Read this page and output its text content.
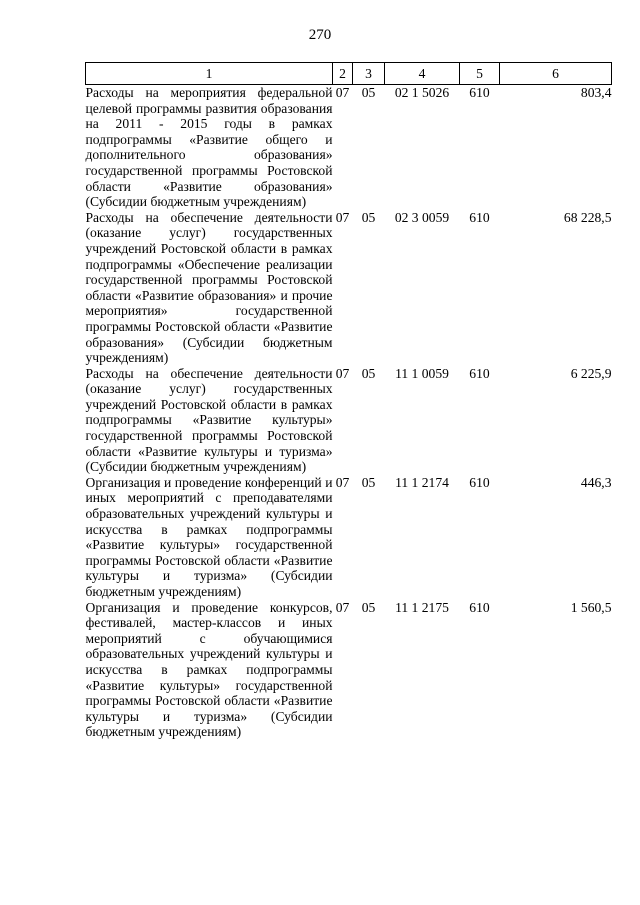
270
1	2	3	4	5	6
Расходы на мероприятия федеральной целевой программы развития образования на 2011 - 2015 годы в рамках подпрограммы «Развитие общего и дополнительного образования» государственной программы Ростовской области «Развитие образования» (Субсидии бюджетным учреждениям)	07	05	02 1 5026	610	803,4
Расходы на обеспечение деятельности (оказание услуг) государственных учреждений Ростовской области в рамках подпрограммы «Обеспечение реализации государственной программы Ростовской области «Развитие образования» и прочие мероприятия» государственной программы Ростовской области «Развитие образования» (Субсидии бюджетным учреждениям)	07	05	02 3 0059	610	68 228,5
Расходы на обеспечение деятельности (оказание услуг) государственных учреждений Ростовской области в рамках подпрограммы «Развитие культуры» государственной программы Ростовской области «Развитие культуры и туризма» (Субсидии бюджетным учреждениям)	07	05	11 1 0059	610	6 225,9
Организация и проведение конференций и иных мероприятий с преподавателями образовательных учреждений культуры и искусства в рамках подпрограммы «Развитие культуры» государственной программы Ростовской области «Развитие культуры и туризма» (Субсидии бюджетным учреждениям)	07	05	11 1 2174	610	446,3
Организация и проведение конкурсов, фестивалей, мастер-классов и иных мероприятий с обучающимися образовательных учреждений культуры и искусства в рамках подпрограммы «Развитие культуры» государственной программы Ростовской области «Развитие культуры и туризма» (Субсидии бюджетным учреждениям)	07	05	11 1 2175	610	1 560,5
